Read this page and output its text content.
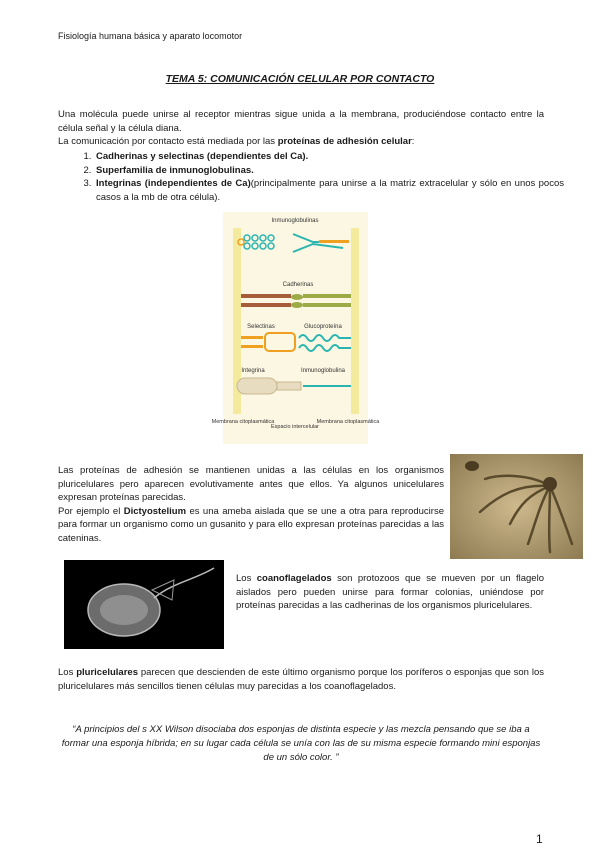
Fisiología humana básica y aparato locomotor
TEMA 5: COMUNICACIÓN CELULAR POR CONTACTO
Una molécula puede unirse al receptor mientras sigue unida a la membrana, produciéndose contacto entre la célula señal y la célula diana.
La comunicación por contacto está mediada por las proteínas de adhesión celular:
1. Cadherinas y selectinas (dependientes del Ca).
2. Superfamilia de inmunoglobulinas.
3. Integrinas (independientes de Ca)(principalmente para unirse a la matriz extracelular y sólo en unos pocos casos a la mb de otra célula).
Inmunoglobulinas
Cadherinas
Selectinas	Glucoproteína
Integrina	Inmunoglobulina
Membrana citoplasmática
Espacio intercelular
Membrana citoplasmática
Las proteínas de adhesión se mantienen unidas a las células en los organismos pluricelulares pero aparecen evolutivamente antes que ellos. Ya algunos unicelulares expresan proteínas parecidas.
Por ejemplo el Dictyostelium es una ameba aislada que se une a otra para reproducirse para formar un organismo como un gusanito y para ello expresan proteínas parecidas a las cateninas.
Los coanoflagelados son protozoos que se mueven por un flagelo aislados pero pueden unirse para formar colonias, uniéndose por proteínas parecidas a las cadherinas de los organismos pluricelulares.
Los pluricelulares parecen que descienden de este último organismo porque los poríferos o esponjas que son los pluricelulares más sencillos tienen células muy parecidas a los coanoflagelados.
“A principios del s XX Wilson disociaba dos esponjas de distinta especie y las mezcla pensando que se iba a formar una esponja híbrida; en su lugar cada célula se unía con las de su misma especie formando mini esponjas de un sólo color. ”
1
